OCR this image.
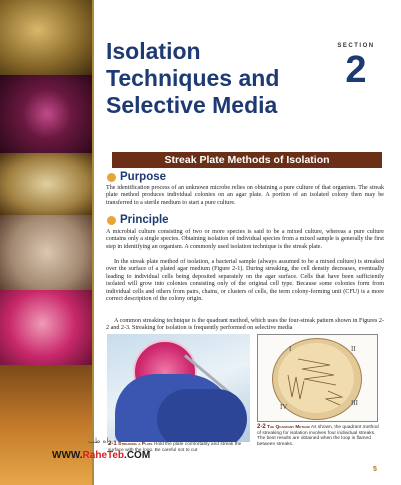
Isolation
Techniques and
Selective Media
SECTION
2
Streak Plate Methods of Isolation
Purpose

The identification process of an unknown microbe relies on obtaining a pure culture of that organism. The streak plate method produces individual colonies on an agar plate. A portion of an isolated colony then may be transferred to a sterile medium to start a pure culture.

Principle

A microbial culture consisting of two or more species is said to be a mixed culture, whereas a pure culture contains only a single species. Obtaining isolation of individual species from a mixed sample is generally the first step in identifying an organism. A commonly used isolation technique is the streak plate.

In the streak plate method of isolation, a bacterial sample (always assumed to be a mixed culture) is streaked over the surface of a plated agar medium (Figure 2-1). During streaking, the cell density decreases, eventually leading to individual cells being deposited separately on the agar surface. Cells that have been sufficiently isolated will grow into colonies consisting only of the original cell type. Because some colonies form from individual cells and others from pairs, chains, or clusters of cells, the term colony-forming unit (CFU) is a more correct description of the colony origin.

A common streaking technique is the quadrant method, which uses the four-streak pattern shown in Figures 2-2 and 2-3. Streaking for isolation is frequently performed on selective media

I	II
III
IV

2-1 Streaking a Plate Hold the plate comfortably and streak the surface with the loop. Be careful not to cut

2-2 The Quadrant Method As shown, the quadrant method of streaking for isolation involves four individual streaks. The best results are obtained when the loop is flamed between streaks.

راه طب
WWW.RaheTeb.COM
5
